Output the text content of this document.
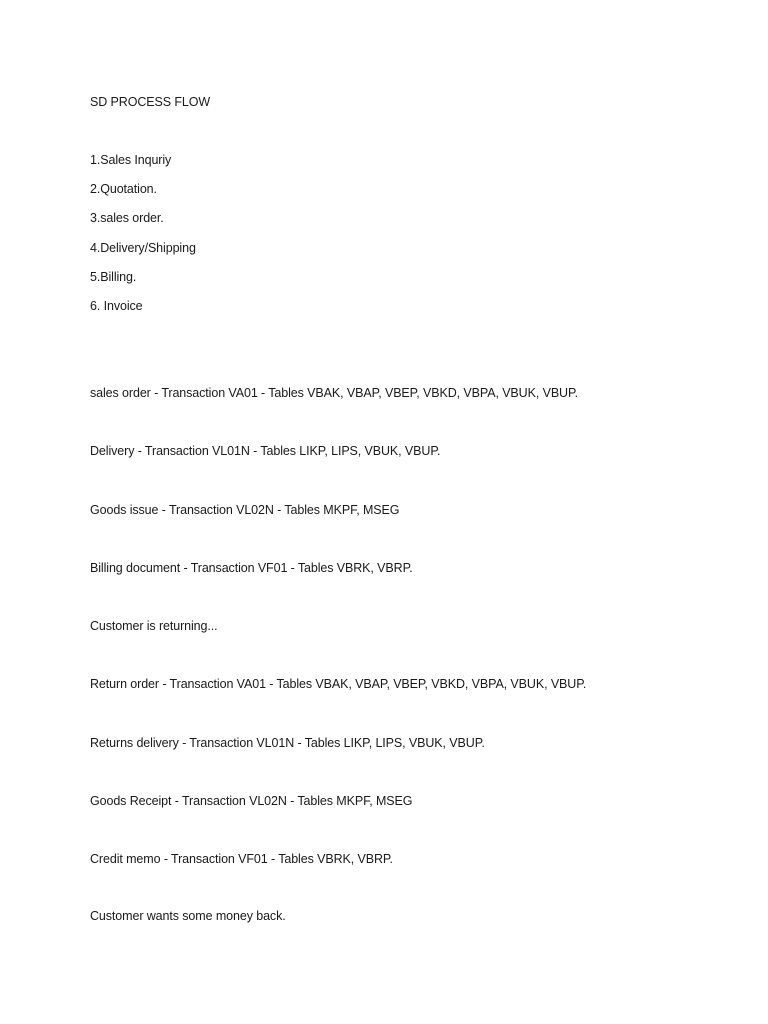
SD PROCESS FLOW
1.Sales Inquriy
2.Quotation.
3.sales order.
4.Delivery/Shipping
5.Billing.
6. Invoice
sales order - Transaction VA01 - Tables VBAK, VBAP, VBEP, VBKD, VBPA, VBUK, VBUP.
Delivery - Transaction VL01N - Tables LIKP, LIPS, VBUK, VBUP.
Goods issue - Transaction VL02N - Tables MKPF, MSEG
Billing document - Transaction VF01 - Tables VBRK, VBRP.
Customer is returning...
Return order - Transaction VA01 - Tables VBAK, VBAP, VBEP, VBKD, VBPA, VBUK, VBUP.
Returns delivery - Transaction VL01N - Tables LIKP, LIPS, VBUK, VBUP.
Goods Receipt - Transaction VL02N - Tables MKPF, MSEG
Credit memo - Transaction VF01 - Tables VBRK, VBRP.
Customer wants some money back.
